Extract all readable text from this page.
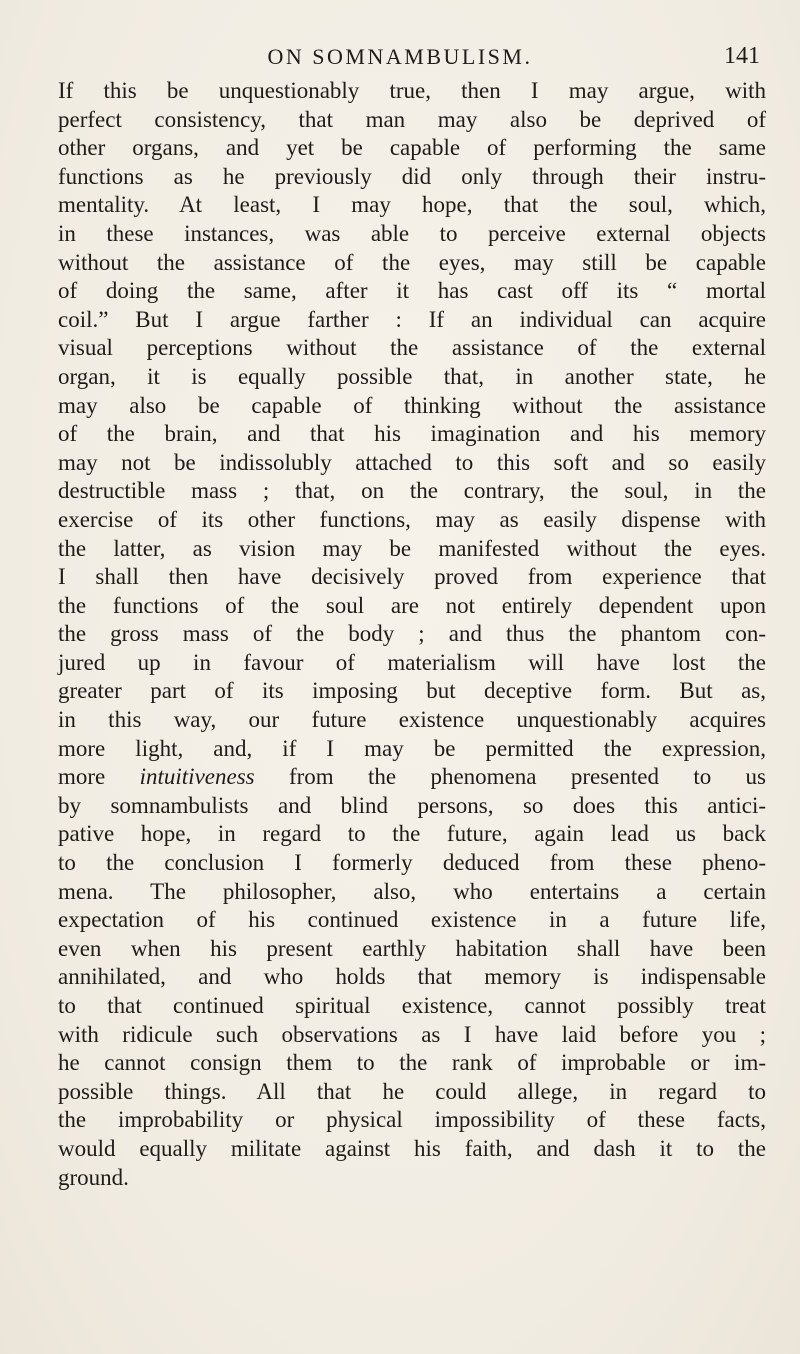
ON SOMNAMBULISM.	141
If this be unquestionably true, then I may argue, with
perfect consistency, that man may also be deprived of
other organs, and yet be capable of performing the same
functions as he previously did only through their instru-
mentality. At least, I may hope, that the soul, which,
in these instances, was able to perceive external objects
without the assistance of the eyes, may still be capable
of doing the same, after it has cast off its “ mortal
coil.” But I argue farther : If an individual can acquire
visual perceptions without the assistance of the external
organ, it is equally possible that, in another state, he
may also be capable of thinking without the assistance
of the brain, and that his imagination and his memory
may not be indissolubly attached to this soft and so easily
destructible mass ; that, on the contrary, the soul, in the
exercise of its other functions, may as easily dispense with
the latter, as vision may be manifested without the eyes.
I shall then have decisively proved from experience that
the functions of the soul are not entirely dependent upon
the gross mass of the body ; and thus the phantom con-
jured up in favour of materialism will have lost the
greater part of its imposing but deceptive form. But as,
in this way, our future existence unquestionably acquires
more light, and, if I may be permitted the expression,
more intuitiveness from the phenomena presented to us
by somnambulists and blind persons, so does this antici-
pative hope, in regard to the future, again lead us back
to the conclusion I formerly deduced from these pheno-
mena. The philosopher, also, who entertains a certain
expectation of his continued existence in a future life,
even when his present earthly habitation shall have been
annihilated, and who holds that memory is indispensable
to that continued spiritual existence, cannot possibly treat
with ridicule such observations as I have laid before you ;
he cannot consign them to the rank of improbable or im-
possible things. All that he could allege, in regard to
the improbability or physical impossibility of these facts,
would equally militate against his faith, and dash it to the
ground.
